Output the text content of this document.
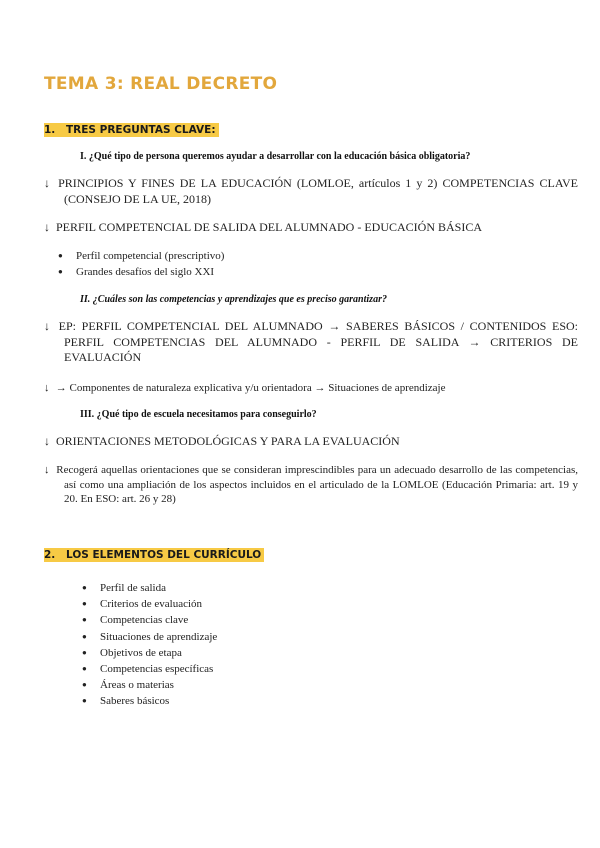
TEMA 3: REAL DECRETO
1. TRES PREGUNTAS CLAVE:
I. ¿Qué tipo de persona queremos ayudar a desarrollar con la educación básica obligatoria?
↓ PRINCIPIOS Y FINES DE LA EDUCACIÓN (LOMLOE, artículos 1 y 2) COMPETENCIAS CLAVE (CONSEJO DE LA UE, 2018)
↓ PERFIL COMPETENCIAL DE SALIDA DEL ALUMNADO - EDUCACIÓN BÁSICA
● Perfil competencial (prescriptivo)
● Grandes desafíos del siglo XXI
II. ¿Cuáles son las competencias y aprendizajes que es preciso garantizar?
↓ EP: PERFIL COMPETENCIAL DEL ALUMNADO → SABERES BÁSICOS / CONTENIDOS ESO: PERFIL COMPETENCIAS DEL ALUMNADO - PERFIL DE SALIDA → CRITERIOS DE EVALUACIÓN
↓ → Componentes de naturaleza explicativa y/u orientadora → Situaciones de aprendizaje
III. ¿Qué tipo de escuela necesitamos para conseguirlo?
↓ ORIENTACIONES METODOLÓGICAS Y PARA LA EVALUACIÓN
↓ Recogerá aquellas orientaciones que se consideran imprescindibles para un adecuado desarrollo de las competencias, así como una ampliación de los aspectos incluidos en el articulado de la LOMLOE (Educación Primaria: art. 19 y 20. En ESO: art. 26 y 28)
2. LOS ELEMENTOS DEL CURRÍCULO
● Perfil de salida
● Criterios de evaluación
● Competencias clave
● Situaciones de aprendizaje
● Objetivos de etapa
● Competencias específicas
● Áreas o materias
● Saberes básicos
